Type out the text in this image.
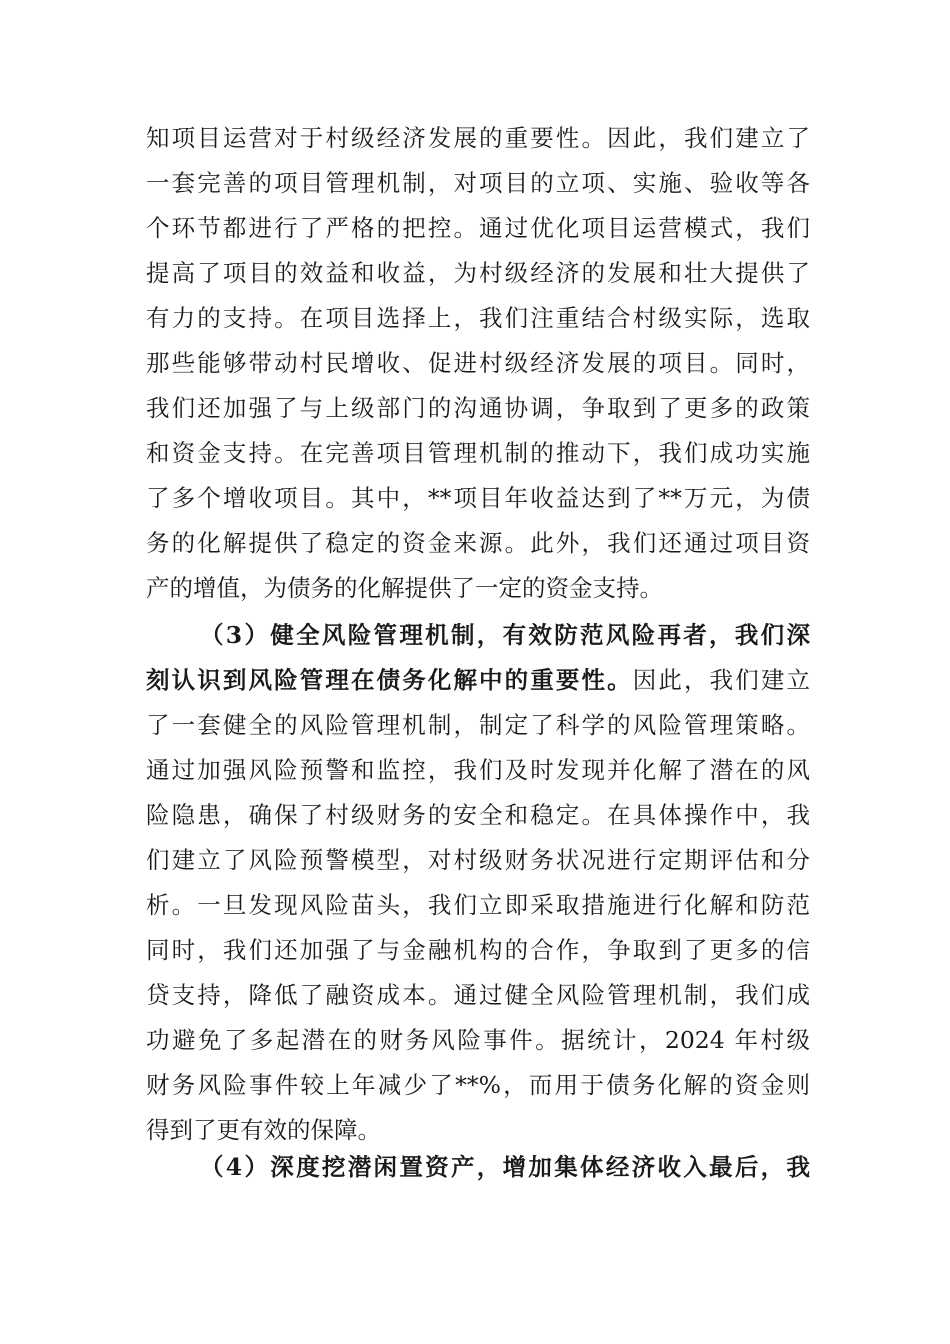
知项目运营对于村级经济发展的重要性。因此，我们建立了
一套完善的项目管理机制，对项目的立项、实施、验收等各
个环节都进行了严格的把控。通过优化项目运营模式，我们
提高了项目的效益和收益，为村级经济的发展和壮大提供了
有力的支持。在项目选择上，我们注重结合村级实际，选取
那些能够带动村民增收、促进村级经济发展的项目。同时，
我们还加强了与上级部门的沟通协调，争取到了更多的政策
和资金支持。在完善项目管理机制的推动下，我们成功实施
了多个增收项目。其中，**项目年收益达到了**万元，为债
务的化解提供了稳定的资金来源。此外，我们还通过项目资
产的增值，为债务的化解提供了一定的资金支持。
（3）健全风险管理机制，有效防范风险再者，我们深
刻认识到风险管理在债务化解中的重要性。因此，我们建立
了一套健全的风险管理机制，制定了科学的风险管理策略。
通过加强风险预警和监控，我们及时发现并化解了潜在的风
险隐患，确保了村级财务的安全和稳定。在具体操作中，我
们建立了风险预警模型，对村级财务状况进行定期评估和分
析。一旦发现风险苗头，我们立即采取措施进行化解和防范
同时，我们还加强了与金融机构的合作，争取到了更多的信
贷支持，降低了融资成本。通过健全风险管理机制，我们成
功避免了多起潜在的财务风险事件。据统计，2024 年村级
财务风险事件较上年减少了**%，而用于债务化解的资金则
得到了更有效的保障。
（4）深度挖潜闲置资产，增加集体经济收入最后，我
